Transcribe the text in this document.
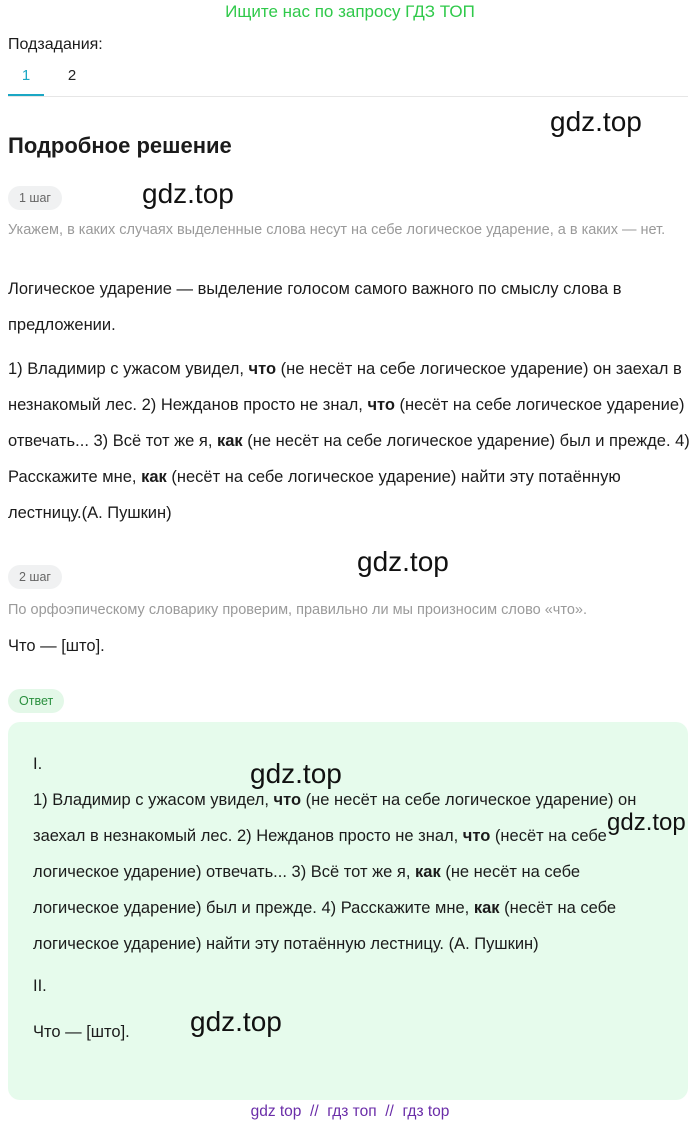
Ищите нас по запросу ГДЗ ТОП
Подзадания:
1	2
Подробное решение
1 шаг
Укажем, в каких случаях выделенные слова несут на себе логическое ударение, а в каких — нет.
Логическое ударение — выделение голосом самого важного по смыслу слова в предложении.
1) Владимир с ужасом увидел, что (не несёт на себе логическое ударение) он заехал в незнакомый лес. 2) Нежданов просто не знал, что (несёт на себе логическое ударение) отвечать... 3) Всё тот же я, как (не несёт на себе логическое ударение) был и прежде. 4) Расскажите мне, как (несёт на себе логическое ударение) найти эту потаённую лестницу.(А. Пушкин)
2 шаг
По орфоэпическому словарику проверим, правильно ли мы произносим слово «что».
Что — [што].
Ответ
I.
1) Владимир с ужасом увидел, что (не несёт на себе логическое ударение) он заехал в незнакомый лес. 2) Нежданов просто не знал, что (несёт на себе логическое ударение) отвечать... 3) Всё тот же я, как (не несёт на себе логическое ударение) был и прежде. 4) Расскажите мне, как (несёт на себе логическое ударение) найти эту потаённую лестницу. (А. Пушкин)
II.
Что — [што].
gdz.top
gdz.top
gdz.top
gdz.top
gdz.top
gdz.top
gdz top  //  гдз топ  //  гдз top
